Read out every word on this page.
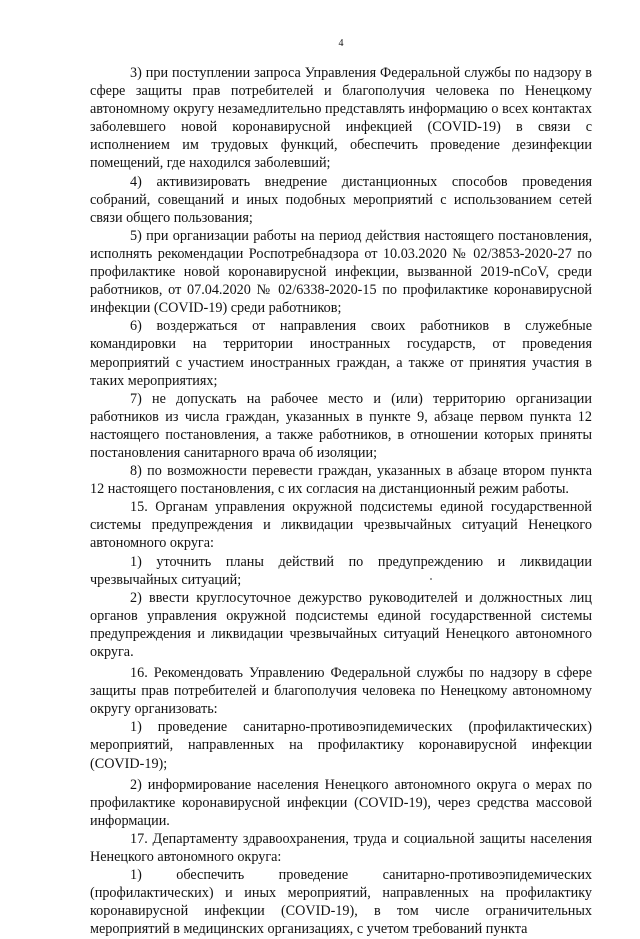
4

3) при поступлении запроса Управления Федеральной службы по надзору в сфере защиты прав потребителей и благополучия человека по Ненецкому автономному округу незамедлительно представлять информацию о всех контактах заболевшего новой коронавирусной инфекцией (COVID-19) в связи с исполнением им трудовых функций, обеспечить проведение дезинфекции помещений, где находился заболевший;

4) активизировать внедрение дистанционных способов проведения собраний, совещаний и иных подобных мероприятий с использованием сетей связи общего пользования;

5) при организации работы на период действия настоящего постановления, исполнять рекомендации Роспотребнадзора от 10.03.2020 № 02/3853-2020-27 по профилактике новой коронавирусной инфекции, вызванной 2019-nCoV, среди работников, от 07.04.2020 № 02/6338-2020-15 по профилактике коронавирусной инфекции (COVID-19) среди работников;

6) воздержаться от направления своих работников в служебные командировки на территории иностранных государств, от проведения мероприятий с участием иностранных граждан, а также от принятия участия в таких мероприятиях;

7) не допускать на рабочее место и (или) территорию организации работников из числа граждан, указанных в пункте 9, абзаце первом пункта 12 настоящего постановления, а также работников, в отношении которых приняты постановления санитарного врача об изоляции;

8) по возможности перевести граждан, указанных в абзаце втором пункта 12 настоящего постановления, с их согласия на дистанционный режим работы.

15. Органам управления окружной подсистемы единой государственной системы предупреждения и ликвидации чрезвычайных ситуаций Ненецкого автономного округа:

1) уточнить планы действий по предупреждению и ликвидации чрезвычайных ситуаций;

2) ввести круглосуточное дежурство руководителей и должностных лиц органов управления окружной подсистемы единой государственной системы предупреждения и ликвидации чрезвычайных ситуаций Ненецкого автономного округа.

16. Рекомендовать Управлению Федеральной службы по надзору в сфере защиты прав потребителей и благополучия человека по Ненецкому автономному округу организовать:

1) проведение санитарно-противоэпидемических (профилактических) мероприятий, направленных на профилактику коронавирусной инфекции (COVID-19);

2) информирование населения Ненецкого автономного округа о мерах по профилактике коронавирусной инфекции (COVID-19), через средства массовой информации.

17. Департаменту здравоохранения, труда и социальной защиты населения Ненецкого автономного округа:

1) обеспечить проведение санитарно-противоэпидемических (профилактических) и иных мероприятий, направленных на профилактику коронавирусной инфекции (COVID-19), в том числе ограничительных мероприятий в медицинских организациях, с учетом требований пункта
